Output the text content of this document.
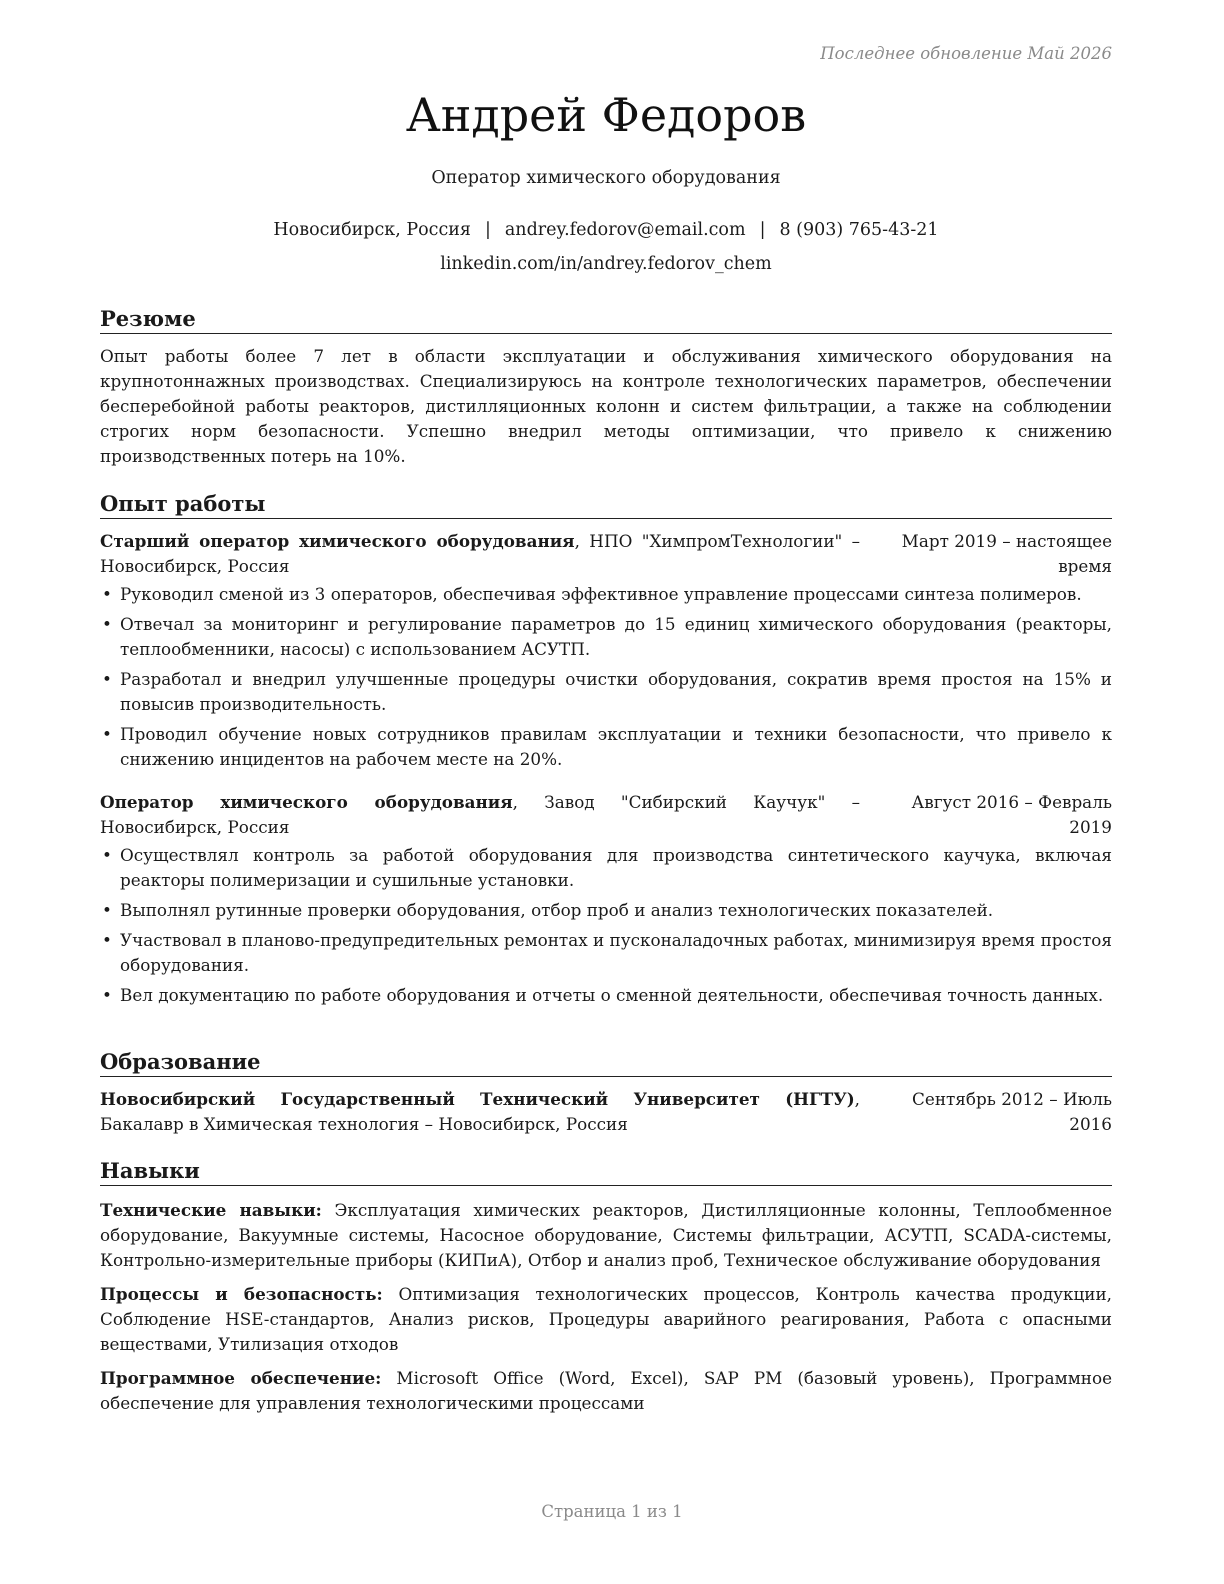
Последнее обновление Май 2026
Андрей Федоров
Оператор химического оборудования
Новосибирск, Россия | andrey.fedorov@email.com | 8 (903) 765-43-21
linkedin.com/in/andrey.fedorov_chem
Резюме

Опыт работы более 7 лет в области эксплуатации и обслуживания химического оборудования на крупнотоннажных производствах. Специализируюсь на контроле технологических параметров, обеспечении бесперебойной работы реакторов, дистилляционных колонн и систем фильтрации, а также на соблюдении строгих норм безопасности. Успешно внедрил методы оптимизации, что привело к снижению производственных потерь на 10%.

Опыт работы
Старший оператор химического оборудования, НПО "ХимпромТехнологии" – Новосибирск, Россия
Март 2019 – настоящее время
• Руководил сменой из 3 операторов, обеспечивая эффективное управление процессами синтеза полимеров.
• Отвечал за мониторинг и регулирование параметров до 15 единиц химического оборудования (реакторы, теплообменники, насосы) с использованием АСУТП.
• Разработал и внедрил улучшенные процедуры очистки оборудования, сократив время простоя на 15% и повысив производительность.
• Проводил обучение новых сотрудников правилам эксплуатации и техники безопасности, что привело к снижению инцидентов на рабочем месте на 20%.
Оператор химического оборудования, Завод "Сибирский Каучук" – Новосибирск, Россия
Август 2016 – Февраль 2019
• Осуществлял контроль за работой оборудования для производства синтетического каучука, включая реакторы полимеризации и сушильные установки.
• Выполнял рутинные проверки оборудования, отбор проб и анализ технологических показателей.
• Участвовал в планово-предупредительных ремонтах и пусконаладочных работах, минимизируя время простоя оборудования.
• Вел документацию по работе оборудования и отчеты о сменной деятельности, обеспечивая точность данных.
Образование
Новосибирский Государственный Технический Университет (НГТУ), Бакалавр в Химическая технология – Новосибирск, Россия
Сентябрь 2012 – Июль 2016
Навыки

Технические навыки: Эксплуатация химических реакторов, Дистилляционные колонны, Теплообменное оборудование, Вакуумные системы, Насосное оборудование, Системы фильтрации, АСУТП, SCADA-системы, Контрольно-измерительные приборы (КИПиА), Отбор и анализ проб, Техническое обслуживание оборудования

Процессы и безопасность: Оптимизация технологических процессов, Контроль качества продукции, Соблюдение HSE-стандартов, Анализ рисков, Процедуры аварийного реагирования, Работа с опасными веществами, Утилизация отходов

Программное обеспечение: Microsoft Office (Word, Excel), SAP PM (базовый уровень), Программное обеспечение для управления технологическими процессами

Страница 1 из 1
